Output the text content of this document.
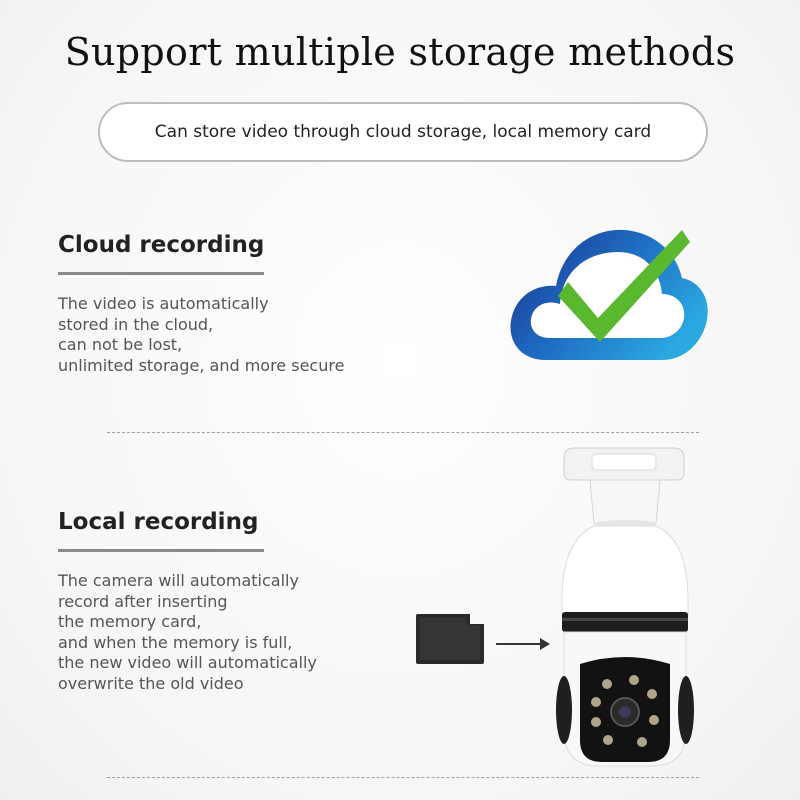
Support multiple storage methods
Can store video through cloud storage, local memory card
Cloud recording
The video is automatically
stored in the cloud,
can not be lost,
unlimited storage, and more secure
Local recording
The camera will automatically
record after inserting
the memory card,
and when the memory is full,
the new video will automatically
overwrite the old video
